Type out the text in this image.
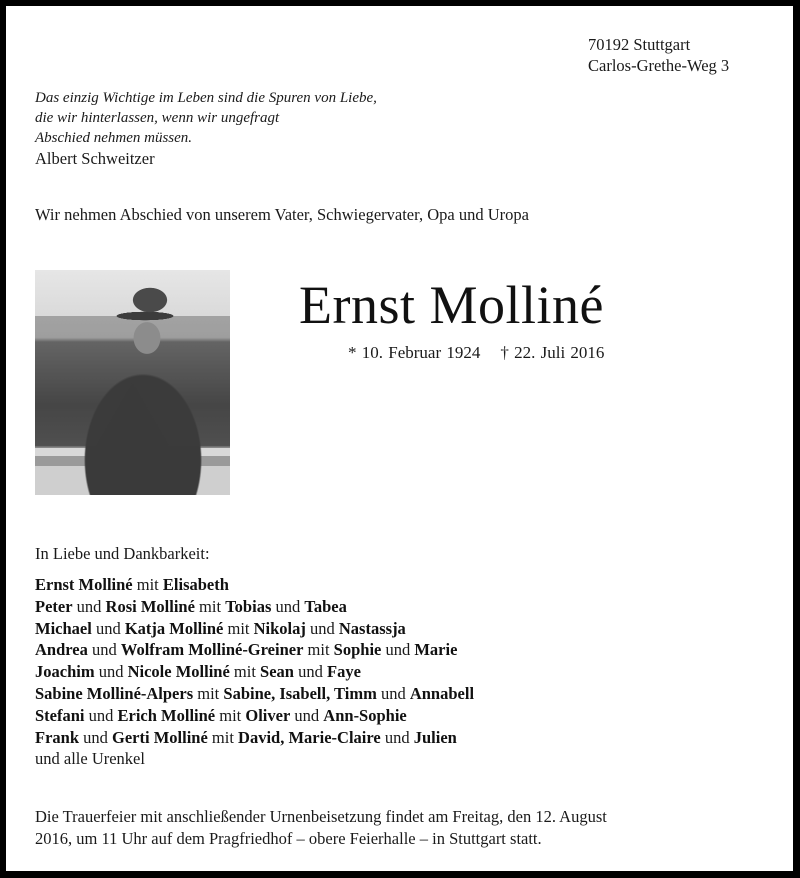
70192 Stuttgart
Carlos-Grethe-Weg 3
Das einzig Wichtige im Leben sind die Spuren von Liebe,
die wir hinterlassen, wenn wir ungefragt
Abschied nehmen müssen.
Albert Schweitzer
Wir nehmen Abschied von unserem Vater, Schwiegervater, Opa und Uropa
Ernst Molliné
* 10. Februar 1924 † 22. Juli 2016
In Liebe und Dankbarkeit:
Ernst Molliné mit Elisabeth
Peter und Rosi Molliné mit Tobias und Tabea
Michael und Katja Molliné mit Nikolaj und Nastassja
Andrea und Wolfram Molliné-Greiner mit Sophie und Marie
Joachim und Nicole Molliné mit Sean und Faye
Sabine Molliné-Alpers mit Sabine, Isabell, Timm und Annabell
Stefani und Erich Molliné mit Oliver und Ann-Sophie
Frank und Gerti Molliné mit David, Marie-Claire und Julien
und alle Urenkel
Die Trauerfeier mit anschließender Urnenbeisetzung findet am Freitag, den 12. August
2016, um 11 Uhr auf dem Pragfriedhof – obere Feierhalle – in Stuttgart statt.
